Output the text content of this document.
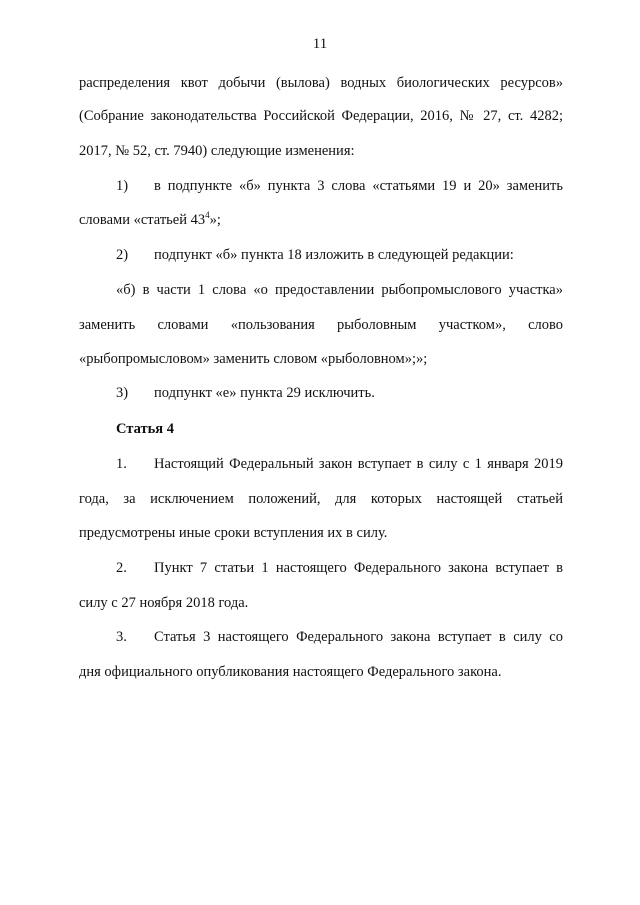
11
распределения квот добычи (вылова) водных биологических ресурсов»
(Собрание законодательства Российской Федерации, 2016, № 27, ст. 4282;
2017, № 52, ст. 7940) следующие изменения:
1) в подпункте «б» пункта 3 слова «статьями 19 и 20» заменить
словами «статьей $43^4$»;
2) подпункт «б» пункта 18 изложить в следующей редакции:
«б) в части 1 слова «о предоставлении рыбопромыслового участка»
заменить словами «пользования рыболовным участком», слово
«рыбопромысловом» заменить словом «рыболовном»;»;
3) подпункт «е» пункта 29 исключить.
Статья 4
1. Настоящий Федеральный закон вступает в силу с 1 января 2019
года, за исключением положений, для которых настоящей статьей
предусмотрены иные сроки вступления их в силу.
2. Пункт 7 статьи 1 настоящего Федерального закона вступает в
силу с 27 ноября 2018 года.
3. Статья 3 настоящего Федерального закона вступает в силу со
дня официального опубликования настоящего Федерального закона.
